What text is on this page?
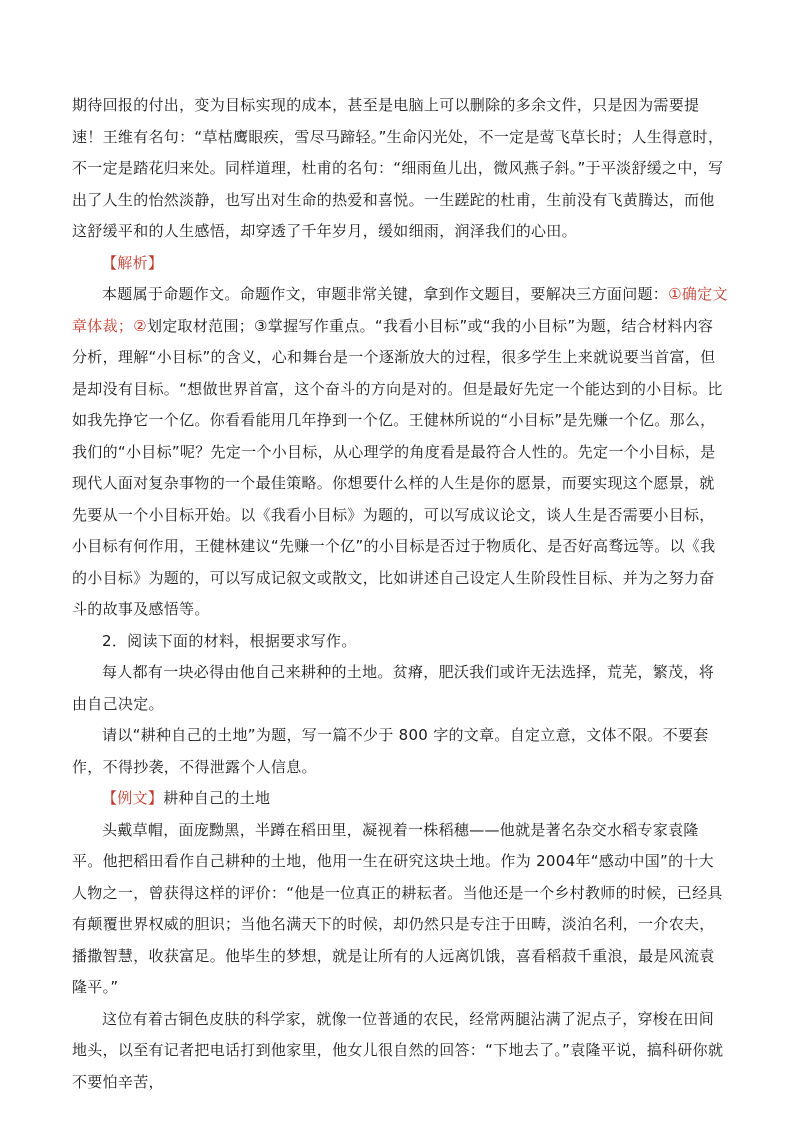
期待回报的付出，变为目标实现的成本，甚至是电脑上可以删除的多余文件，只是因为需要提速！王维有名句：“草枯鹰眼疾，雪尽马蹄轻。”生命闪光处，不一定是莺飞草长时；人生得意时，不一定是踏花归来处。同样道理，杜甫的名句：“细雨鱼儿出，微风燕子斜。”于平淡舒缓之中，写出了人生的怡然淡静，也写出对生命的热爱和喜悦。一生蹉跎的杜甫，生前没有飞黄腾达，而他这舒缓平和的人生感悟，却穿透了千年岁月，缓如细雨，润泽我们的心田。

【解析】

本题属于命题作文。命题作文，审题非常关键，拿到作文题目，要解决三方面问题：①确定文章体裁；②划定取材范围；③掌握写作重点。“我看小目标”或“我的小目标”为题，结合材料内容分析，理解“小目标”的含义，心和舞台是一个逐渐放大的过程，很多学生上来就说要当首富，但是却没有目标。“想做世界首富，这个奋斗的方向是对的。但是最好先定一个能达到的小目标。比如我先挣它一个亿。你看看能用几年挣到一个亿。王健林所说的“小目标”是先赚一个亿。那么，我们的“小目标”呢？先定一个小目标，从心理学的角度看是最符合人性的。先定一个小目标，是现代人面对复杂事物的一个最佳策略。你想要什么样的人生是你的愿景，而要实现这个愿景，就先要从一个小目标开始。以《我看小目标》为题的，可以写成议论文，谈人生是否需要小目标，小目标有何作用，王健林建议“先赚一个亿”的小目标是否过于物质化、是否好高骛远等。以《我的小目标》为题的，可以写成记叙文或散文，比如讲述自己设定人生阶段性目标、并为之努力奋斗的故事及感悟等。

2．阅读下面的材料，根据要求写作。

每人都有一块必得由他自己来耕种的土地。贫瘠，肥沃我们或许无法选择，荒芜，繁茂，将由自己决定。

请以“耕种自己的土地”为题，写一篇不少于 800 字的文章。自定立意，文体不限。不要套作，不得抄袭，不得泄露个人信息。

【例文】耕种自己的土地

头戴草帽，面庞黝黑，半蹲在稻田里，凝视着一株稻穗——他就是著名杂交水稻专家袁隆平。他把稻田看作自己耕种的土地，他用一生在研究这块土地。作为 2004年“感动中国”的十大人物之一，曾获得这样的评价：“他是一位真正的耕耘者。当他还是一个乡村教师的时候，已经具有颠覆世界权威的胆识；当他名满天下的时候，却仍然只是专注于田畴，淡泊名利，一介农夫，播撒智慧，收获富足。他毕生的梦想，就是让所有的人远离饥饿，喜看稻菽千重浪，最是风流袁隆平。”

这位有着古铜色皮肤的科学家，就像一位普通的农民，经常两腿沾满了泥点子，穿梭在田间地头，以至有记者把电话打到他家里，他女儿很自然的回答：“下地去了。”袁隆平说，搞科研你就不要怕辛苦，
